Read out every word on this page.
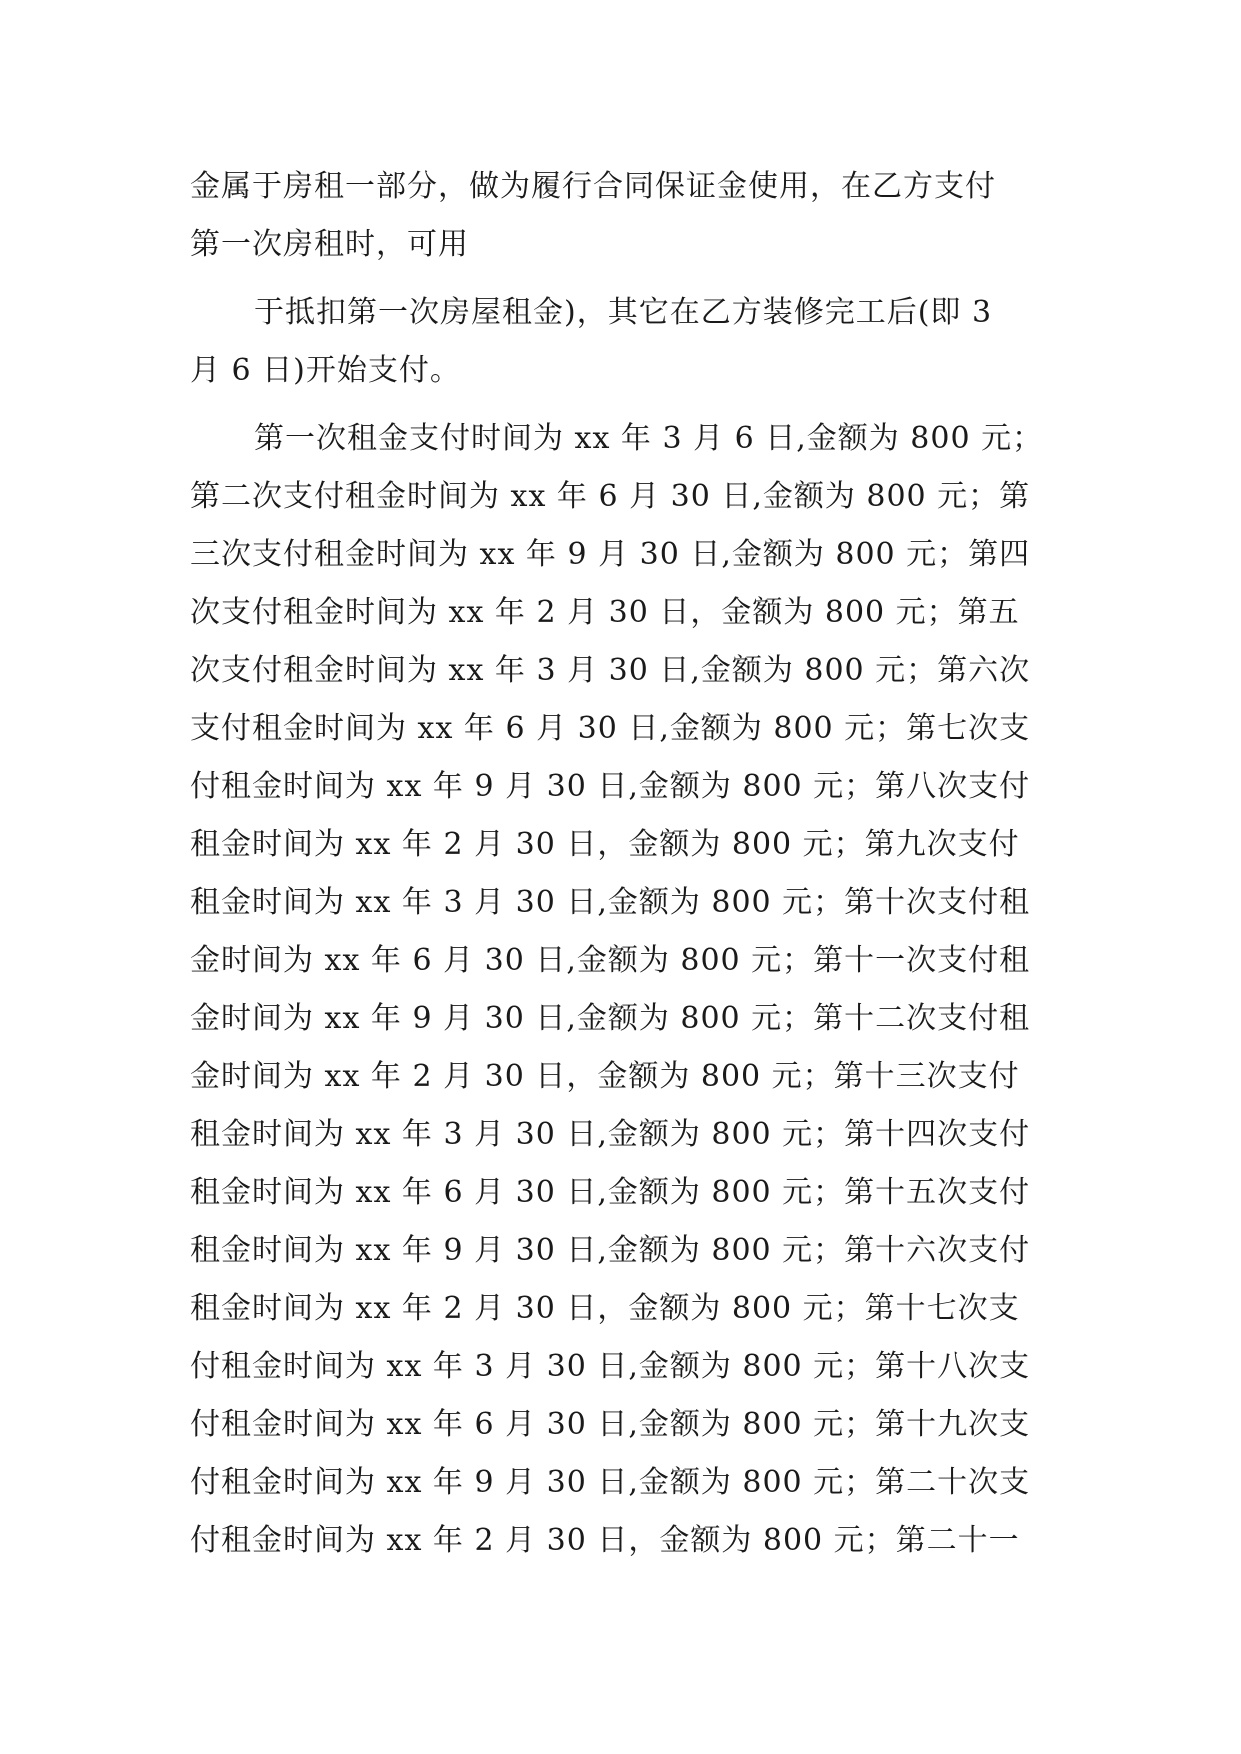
金属于房租一部分，做为履行合同保证金使用，在乙方支付
第一次房租时，可用
于抵扣第一次房屋租金)，其它在乙方装修完工后(即 3
月 6 日)开始支付。
第一次租金支付时间为 xx 年 3 月 6 日,金额为 800 元；
第二次支付租金时间为 xx 年 6 月 30 日,金额为 800 元；第
三次支付租金时间为 xx 年 9 月 30 日,金额为 800 元；第四
次支付租金时间为 xx 年 2 月 30 日，金额为 800 元；第五
次支付租金时间为 xx 年 3 月 30 日,金额为 800 元；第六次
支付租金时间为 xx 年 6 月 30 日,金额为 800 元；第七次支
付租金时间为 xx 年 9 月 30 日,金额为 800 元；第八次支付
租金时间为 xx 年 2 月 30 日，金额为 800 元；第九次支付
租金时间为 xx 年 3 月 30 日,金额为 800 元；第十次支付租
金时间为 xx 年 6 月 30 日,金额为 800 元；第十一次支付租
金时间为 xx 年 9 月 30 日,金额为 800 元；第十二次支付租
金时间为 xx 年 2 月 30 日，金额为 800 元；第十三次支付
租金时间为 xx 年 3 月 30 日,金额为 800 元；第十四次支付
租金时间为 xx 年 6 月 30 日,金额为 800 元；第十五次支付
租金时间为 xx 年 9 月 30 日,金额为 800 元；第十六次支付
租金时间为 xx 年 2 月 30 日，金额为 800 元；第十七次支
付租金时间为 xx 年 3 月 30 日,金额为 800 元；第十八次支
付租金时间为 xx 年 6 月 30 日,金额为 800 元；第十九次支
付租金时间为 xx 年 9 月 30 日,金额为 800 元；第二十次支
付租金时间为 xx 年 2 月 30 日，金额为 800 元；第二十一
